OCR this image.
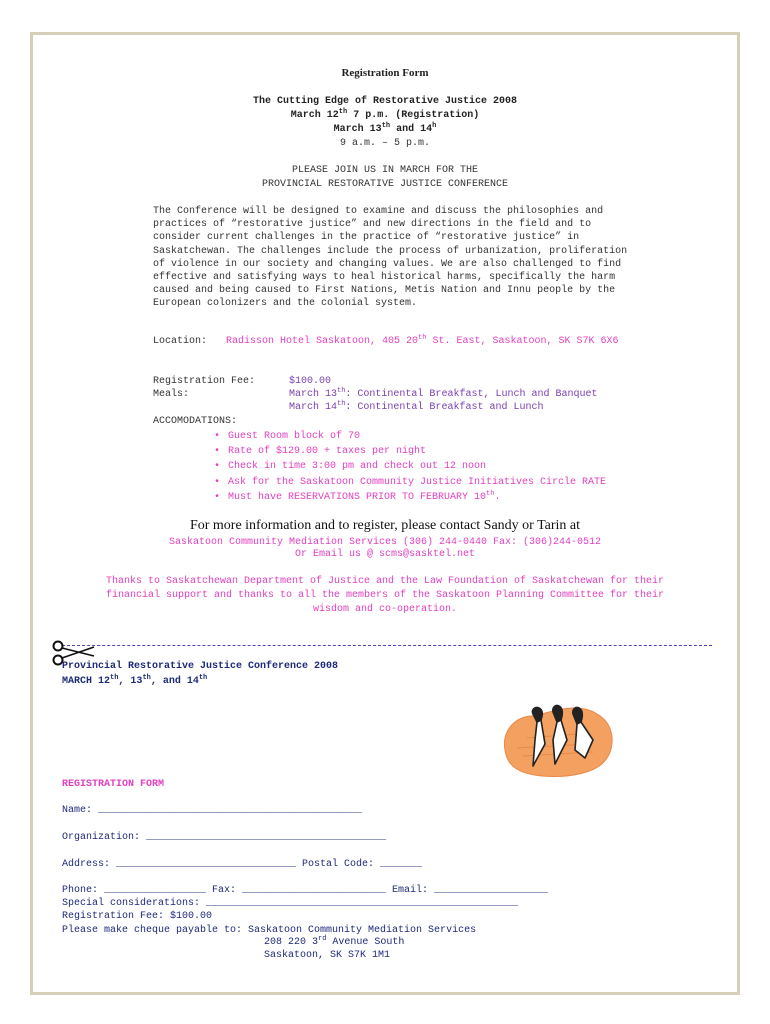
Registration Form
The Cutting Edge of Restorative Justice 2008
March 12th 7 p.m. (Registration)
March 13th and 14$^h$
9 a.m. – 5 p.m.
PLEASE JOIN US IN MARCH FOR THE
PROVINCIAL RESTORATIVE JUSTICE CONFERENCE
The Conference will be designed to examine and discuss the philosophies and
practices of “restorative justice” and new directions in the field and to
consider current challenges in the practice of “restorative justice” in
Saskatchewan. The challenges include the process of urbanization, proliferation
of violence in our society and changing values. We are also challenged to find
effective and satisfying ways to heal historical harms, specifically the harm
caused and being caused to First Nations, Metis Nation and Innu people by the
European colonizers and the colonial system.
Location: Radisson Hotel Saskatoon, 405 20th St. East, Saskatoon, SK S7K 6X6
Registration Fee:	$100.00
Meals:	March 13th: Continental Breakfast, Lunch and Banquet
March 14th: Continental Breakfast and Lunch
ACCOMODATIONS:
• Guest Room block of 70
• Rate of $129.00 + taxes per night
• Check in time 3:00 pm and check out 12 noon
• Ask for the Saskatoon Community Justice Initiatives Circle RATE
• Must have RESERVATIONS PRIOR TO FEBRUARY 10th.
For more information and to register, please contact Sandy or Tarin at
Saskatoon Community Mediation Services (306) 244-0440 Fax: (306)244-0512
Or Email us @ scms@sasktel.net
Thanks to Saskatchewan Department of Justice and the Law Foundation of Saskatchewan for their
financial support and thanks to all the members of the Saskatoon Planning Committee for their
wisdom and co-operation.
Provincial Restorative Justice Conference 2008
MARCH 12th, 13th, and 14th
REGISTRATION FORM
Name: ____________________________________________
Organization: ________________________________________
Address: ______________________________ Postal Code: _______
Phone: _________________ Fax: ________________________ Email: ___________________
Special considerations: ____________________________________________________
Registration Fee: $100.00
Please make cheque payable to: Saskatoon Community Mediation Services
208 220 3rd Avenue South
Saskatoon, SK S7K 1M1
